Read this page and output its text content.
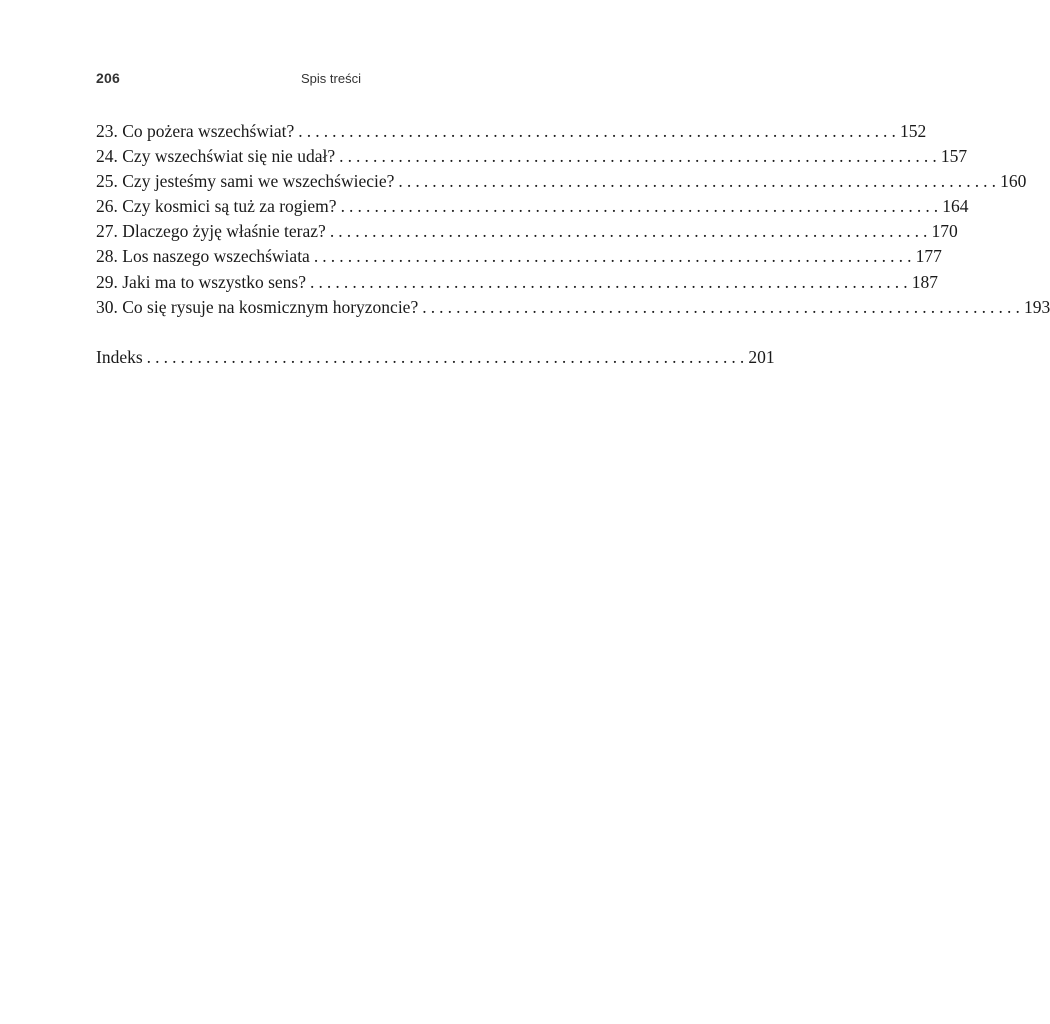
206	Spis treści
23. Co pożera wszechświat? ....................................................................... 152
24. Czy wszechświat się nie udał? ....................................................................... 157
25. Czy jesteśmy sami we wszechświecie? ....................................................................... 160
26. Czy kosmici są tuż za rogiem? ....................................................................... 164
27. Dlaczego żyję właśnie teraz? ....................................................................... 170
28. Los naszego wszechświata ....................................................................... 177
29. Jaki ma to wszystko sens? ....................................................................... 187
30. Co się rysuje na kosmicznym horyzoncie? ....................................................................... 193
Indeks ....................................................................... 201
